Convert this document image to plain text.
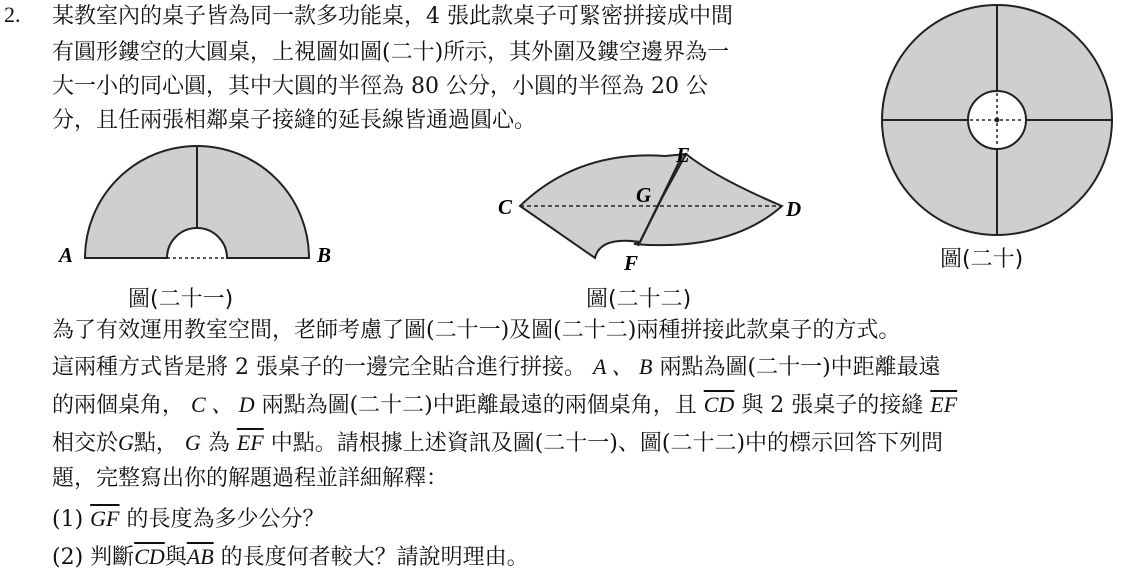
2. 某教室內的桌子皆為同一款多功能桌，4 張此款桌子可緊密拼接成中間
有圓形鏤空的大圓桌，上視圖如圖(二十)所示，其外圍及鏤空邊界為一
大一小的同心圓，其中大圓的半徑為 80 公分，小圓的半徑為 20 公
分，且任兩張相鄰桌子接縫的延長線皆通過圓心。
A	B
圖(二十一)
C	D
E
F
G
圖(二十二)
圖(二十)
為了有效運用教室空間，老師考慮了圖(二十一)及圖(二十二)兩種拼接此款桌子的方式。
這兩種方式皆是將 2 張桌子的一邊完全貼合進行拼接。 A 、 B 兩點為圖(二十一)中距離最遠
的兩個桌角， C 、 D 兩點為圖(二十二)中距離最遠的兩個桌角，且 $\overline{CD}$ 與 2 張桌子的接縫 $\overline{EF}$
相交於G點， G 為 $\overline{EF}$ 中點。請根據上述資訊及圖(二十一)、圖(二十二)中的標示回答下列問
題，完整寫出你的解題過程並詳細解釋：
(1) $\overline{GF}$ 的長度為多少公分？
(2) 判斷$\overline{CD}$與$\overline{AB}$ 的長度何者較大？請說明理由。
